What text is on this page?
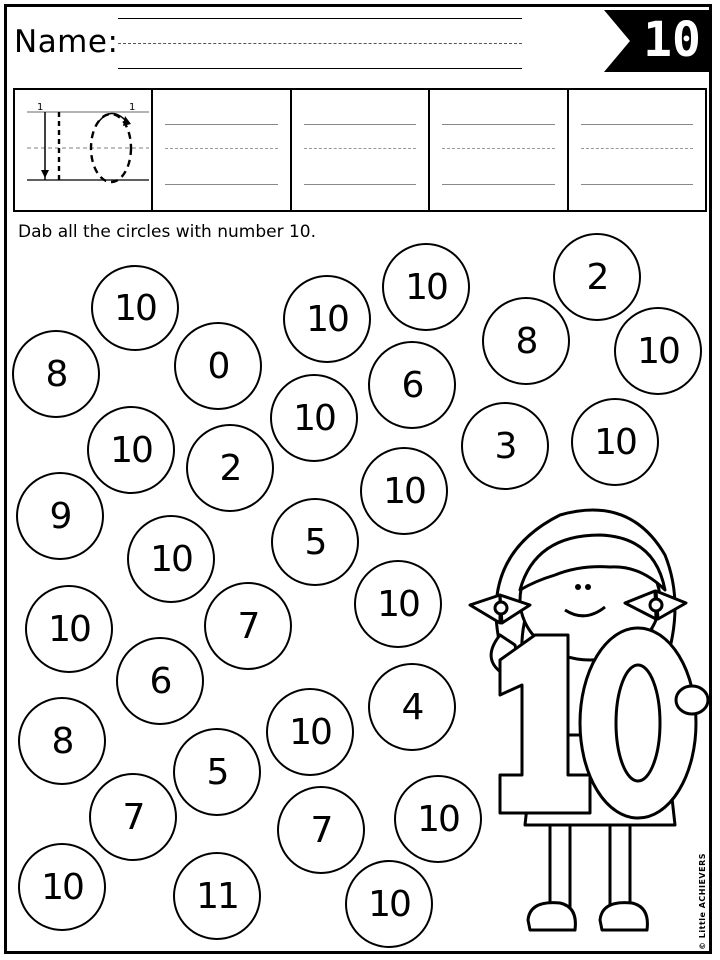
Name:	10
1	1
Dab all the circles with number 10.
10
10	2
10
8
0
8
10
6
10
10	2
3	10
9
10
10	5
10
10	7
6
4
8	10
5
7	7	10
10	11	10	© Little ACHIEVERS
